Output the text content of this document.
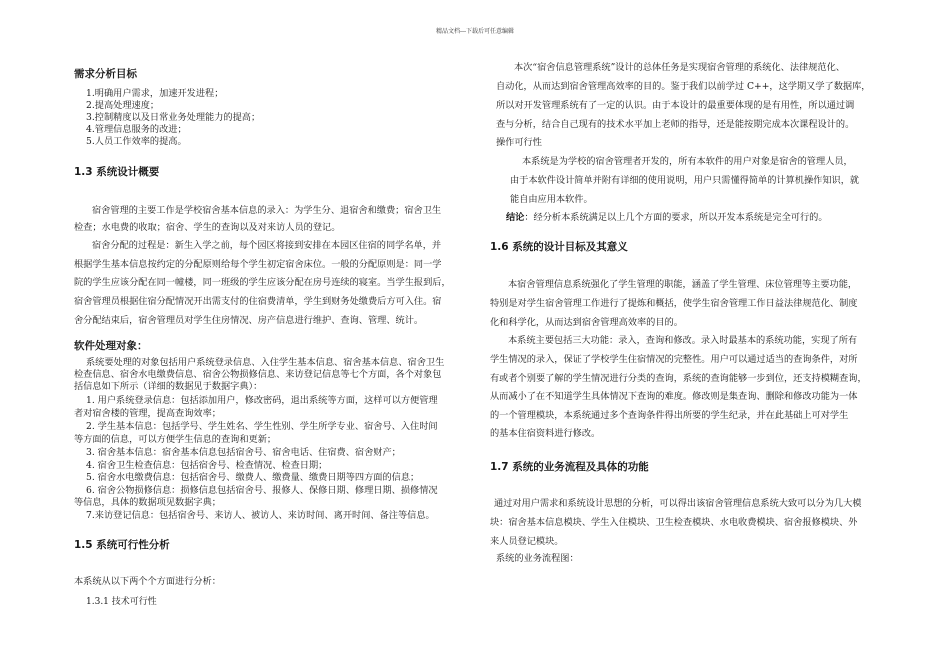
精品文档---下载后可任意编辑
需求分析目标
1.明确用户需求，加速开发进程；
2.提高处理速度；
3.控制精度以及日常业务处理能力的提高；
4.管理信息服务的改进；
5.人员工作效率的提高。
1.3 系统设计概要
宿舍管理的主要工作是学校宿舍基本信息的录入：为学生分、退宿舍和缴费；宿舍卫生
检查；水电费的收取；宿舍、学生的查询以及对来访人员的登记。
宿舍分配的过程是：新生入学之前，每个园区将接到安排在本园区住宿的同学名单，并
根据学生基本信息按约定的分配原则给每个学生初定宿舍床位。一般的分配原则是：同一学
院的学生应该分配在同一幢楼，同一班级的学生应该分配在房号连续的寝室。当学生报到后，
宿舍管理员根据住宿分配情况开出需支付的住宿费清单，学生到财务处缴费后方可入住。宿
舍分配结束后，宿舍管理员对学生住房情况、房产信息进行维护、查询、管理、统计。
软件处理对象：
系统要处理的对象包括用户系统登录信息、入住学生基本信息、宿舍基本信息、宿舍卫生
检查信息、宿舍水电缴费信息、宿舍公物损修信息、来访登记信息等七个方面，各个对象包
括信息如下所示（详细的数据见于数据字典）：
1. 用户系统登录信息：包括添加用户，修改密码，退出系统等方面，这样可以方便管理
者对宿舍楼的管理，提高查询效率；
2. 学生基本信息：包括学号、学生姓名、学生性别、学生所学专业、宿舍号、入住时间
等方面的信息，可以方便学生信息的查询和更新；
3. 宿舍基本信息：宿舍基本信息包括宿舍号、宿舍电话、住宿费、宿舍财产；
4. 宿舍卫生检查信息：包括宿舍号、检查情况、检查日期；
5. 宿舍水电缴费信息：包括宿舍号、缴费人、缴费量、缴费日期等四方面的信息；
6. 宿舍公物损修信息：损修信息包括宿舍号、报修人、保修日期、修理日期、损修情况
等信息，具体的数据项见数据字典；
7.来访登记信息：包括宿舍号、来访人、被访人、来访时间、离开时间、备注等信息。
1.5 系统可行性分析
本系统从以下两个个方面进行分析：
1.3.1 技术可行性
本次“宿舍信息管理系统”设计的总体任务是实现宿舍管理的系统化、法律规范化、
自动化，从而达到宿舍管理高效率的目的。鉴于我们以前学过 C++，这学期又学了数据库，
所以对开发管理系统有了一定的认识。由于本设计的最重要体现的是有用性，所以通过调
查与分析，结合自己现有的技术水平加上老师的指导，还是能按期完成本次课程设计的。
操作可行性
本系统是为学校的宿舍管理者开发的，所有本软件的用户对象是宿舍的管理人员，
由于本软件设计简单并附有详细的使用说明，用户只需懂得简单的计算机操作知识，就
能自由应用本软件。
结论：经分析本系统满足以上几个方面的要求，所以开发本系统是完全可行的。
1.6 系统的设计目标及其意义
本宿舍管理信息系统强化了学生管理的职能，涵盖了学生管理、床位管理等主要功能，
特别是对学生宿舍管理工作进行了提炼和概括，使学生宿舍管理工作日益法律规范化、制度
化和科学化，从而达到宿舍管理高效率的目的。
本系统主要包括三大功能：录入，查询和修改。录入时最基本的系统功能，实现了所有
学生情况的录入，保证了学校学生住宿情况的完整性。用户可以通过适当的查询条件，对所
有或者个别要了解的学生情况进行分类的查询，系统的查询能够一步到位，还支持模糊查询，
从而减小了在不知道学生具体情况下查询的难度。修改则是集查询、删除和修改功能为一体
的一个管理模块，本系统通过多个查询条件得出所要的学生纪录，并在此基础上可对学生
的基本住宿资料进行修改。
1.7 系统的业务流程及具体的功能
通过对用户需求和系统设计思想的分析，可以得出该宿舍管理信息系统大致可以分为几大模
块：宿舍基本信息模块、学生入住模块、卫生检查模块、水电收费模块、宿舍报修模块、外
来人员登记模块。
系统的业务流程图：
